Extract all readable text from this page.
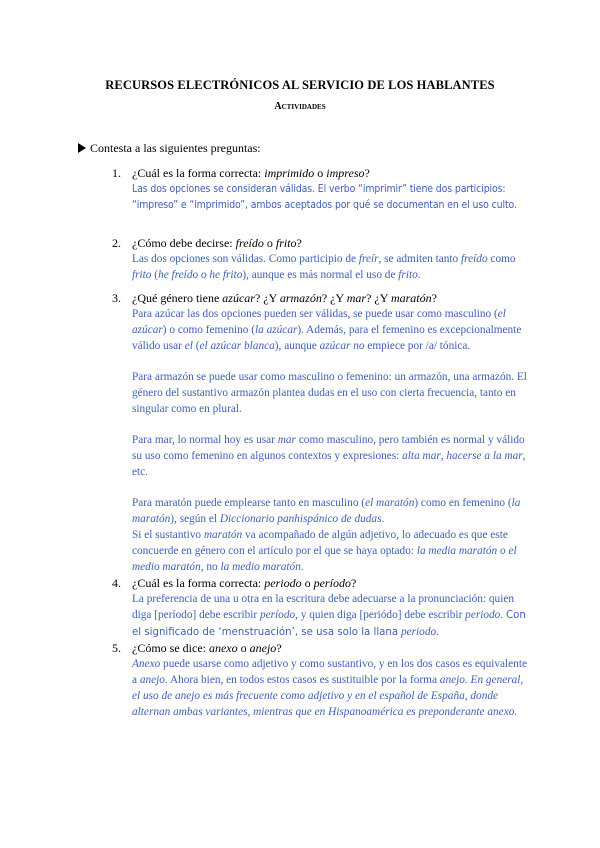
RECURSOS ELECTRÓNICOS AL SERVICIO DE LOS HABLANTES
Actividades
Contesta a las siguientes preguntas:
1. ¿Cuál es la forma correcta: imprimido o impreso?

Las dos opciones se consideran válidas. El verbo “imprimir” tiene dos participios: “impreso” e “imprimido”, ambos aceptados por qué se documentan en el uso culto.

2. ¿Cómo debe decirse: freído o frito?

Las dos opciones son válidas. Como participio de freír, se admiten tanto freído como frito (he freído o he frito), aunque es más normal el uso de frito.

3. ¿Qué género tiene azúcar? ¿Y armazón? ¿Y mar? ¿Y maratón?

Para azúcar las dos opciones pueden ser válidas, se puede usar como masculino (el azúcar) o como femenino (la azúcar). Además, para el femenino es excepcionalmente válido usar el (el azúcar blanca), aunque azúcar no empiece por /a/ tónica.

Para armazón se puede usar como masculino o femenino: un armazón, una armazón. El género del sustantivo armazón plantea dudas en el uso con cierta frecuencia, tanto en singular como en plural.

Para mar, lo normal hoy es usar mar como masculino, pero también es normal y válido su uso como femenino en algunos contextos y expresiones: alta mar, hacerse a la mar, etc.

Para maratón puede emplearse tanto en masculino (el maratón) como en femenino (la maratón), según el Diccionario panhispánico de dudas.
Si el sustantivo maratón va acompañado de algún adjetivo, lo adecuado es que este concuerde en género con el artículo por el que se haya optado: la media maratón o el medio maratón, no la medio maratón.

4. ¿Cuál es la forma correcta: periodo o período?

La preferencia de una u otra en la escritura debe adecuarse a la pronunciación: quien diga [período] debe escribir período, y quien diga [periódo] debe escribir periodo. Con el significado de ‘menstruación’, se usa solo la llana periodo.

5. ¿Cómo se dice: anexo o anejo?

Anexo puede usarse como adjetivo y como sustantivo, y en los dos casos es equivalente a anejo. Ahora bien, en todos estos casos es sustituible por la forma anejo. En general, el uso de anejo es más frecuente como adjetivo y en el español de España, donde alternan ambas variantes, mientras que en Hispanoamérica es preponderante anexo.
